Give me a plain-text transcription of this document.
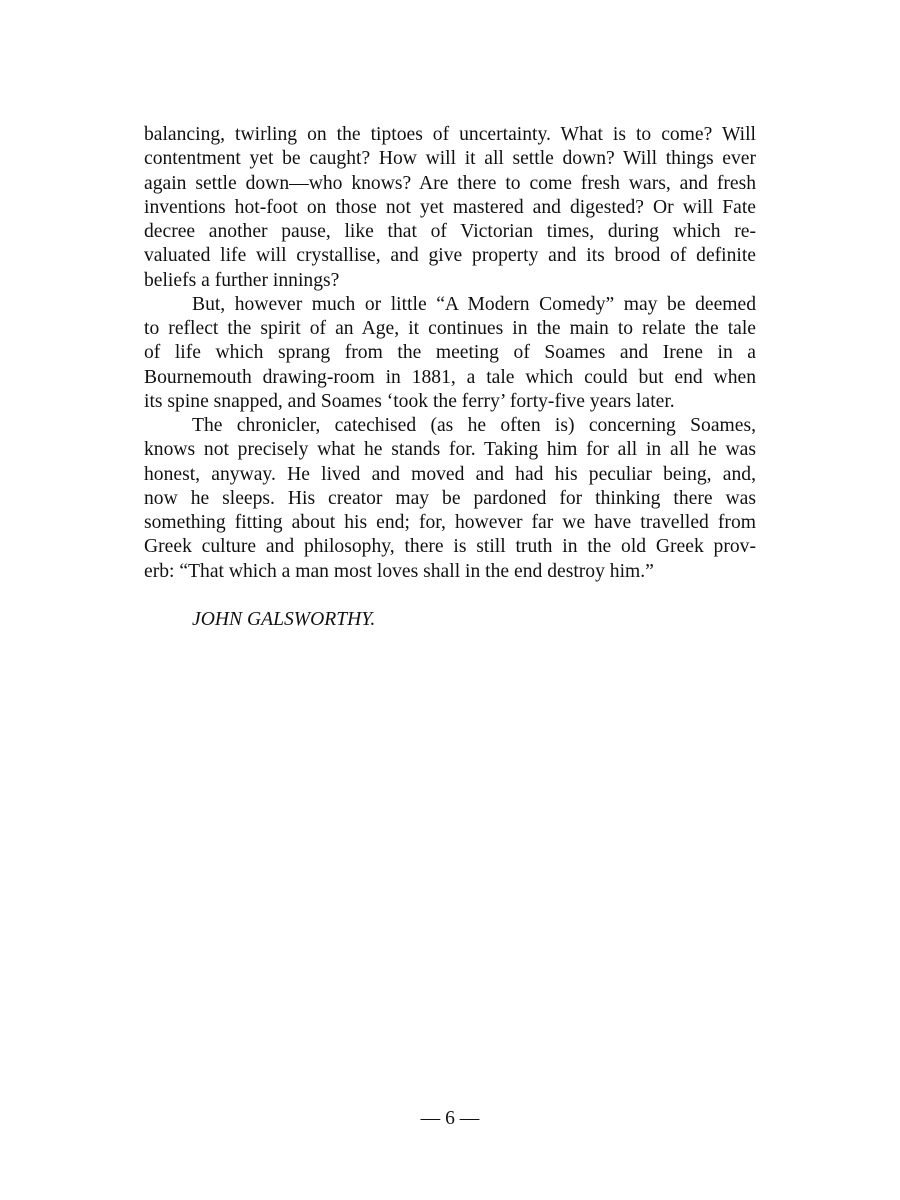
balancing, twirling on the tiptoes of uncertainty. What is to come? Will
contentment yet be caught? How will it all settle down? Will things ever
again settle down—who knows? Are there to come fresh wars, and fresh
inventions hot-foot on those not yet mastered and digested? Or will Fate
decree another pause, like that of Victorian times, during which re-
valuated life will crystallise, and give property and its brood of definite
beliefs a further innings?
But, however much or little “A Modern Comedy” may be deemed
to reflect the spirit of an Age, it continues in the main to relate the tale
of life which sprang from the meeting of Soames and Irene in a
Bournemouth drawing-room in 1881, a tale which could but end when
its spine snapped, and Soames ‘took the ferry’ forty-five years later.
The chronicler, catechised (as he often is) concerning Soames,
knows not precisely what he stands for. Taking him for all in all he was
honest, anyway. He lived and moved and had his peculiar being, and,
now he sleeps. His creator may be pardoned for thinking there was
something fitting about his end; for, however far we have travelled from
Greek culture and philosophy, there is still truth in the old Greek prov-
erb: “That which a man most loves shall in the end destroy him.”
JOHN GALSWORTHY.
— 6 —
